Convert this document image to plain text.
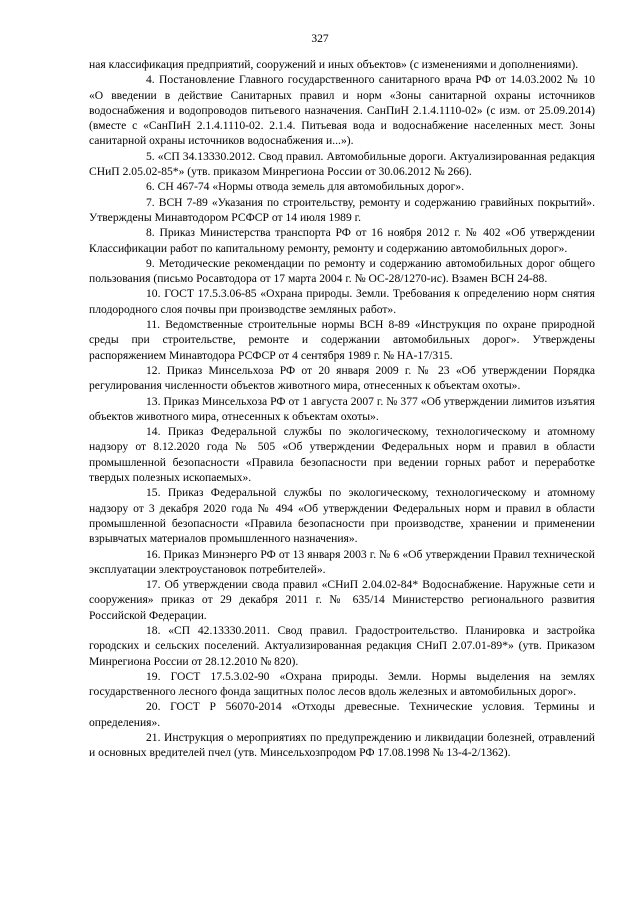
327

ная классификация предприятий, сооружений и иных объектов» (с изменениями и дополнениями).

4. Постановление Главного государственного санитарного врача РФ от 14.03.2002 № 10 «О введении в действие Санитарных правил и норм «Зоны санитарной охраны источников водоснабжения и водопроводов питьевого назначения. СанПиН 2.1.4.1110-02» (с изм. от 25.09.2014) (вместе с «СанПиН 2.1.4.1110-02. 2.1.4. Питьевая вода и водоснабжение населенных мест. Зоны санитарной охраны источников водоснабжения и...»).

5. «СП 34.13330.2012. Свод правил. Автомобильные дороги. Актуализированная редакция СНиП 2.05.02-85*» (утв. приказом Минрегиона России от 30.06.2012 № 266).

6. СН 467-74 «Нормы отвода земель для автомобильных дорог».

7. ВСН 7-89 «Указания по строительству, ремонту и содержанию гравийных покрытий». Утверждены Минавтодором РСФСР от 14 июля 1989 г.

8. Приказ Министерства транспорта РФ от 16 ноября 2012 г. № 402 «Об утверждении Классификации работ по капитальному ремонту, ремонту и содержанию автомобильных дорог».

9. Методические рекомендации по ремонту и содержанию автомобильных дорог общего пользования (письмо Росавтодора от 17 марта 2004 г. № ОС-28/1270-ис). Взамен ВСН 24-88.

10. ГОСТ 17.5.3.06-85 «Охрана природы. Земли. Требования к определению норм снятия плодородного слоя почвы при производстве земляных работ».

11. Ведомственные строительные нормы ВСН 8-89 «Инструкция по охране природной среды при строительстве, ремонте и содержании автомобильных дорог». Утверждены распоряжением Минавтодора РСФСР от 4 сентября 1989 г. № НА-17/315.

12. Приказ Минсельхоза РФ от 20 января 2009 г. № 23 «Об утверждении Порядка регулирования численности объектов животного мира, отнесенных к объектам охоты».

13. Приказ Минсельхоза РФ от 1 августа 2007 г. № 377 «Об утверждении лимитов изъятия объектов животного мира, отнесенных к объектам охоты».

14. Приказ Федеральной службы по экологическому, технологическому и атомному надзору от 8.12.2020 года № 505 «Об утверждении Федеральных норм и правил в области промышленной безопасности «Правила безопасности при ведении горных работ и переработке твердых полезных ископаемых».

15. Приказ Федеральной службы по экологическому, технологическому и атомному надзору от 3 декабря 2020 года № 494 «Об утверждении Федеральных норм и правил в области промышленной безопасности «Правила безопасности при производстве, хранении и применении взрывчатых материалов промышленного назначения».

16. Приказ Минэнерго РФ от 13 января 2003 г. № 6 «Об утверждении Правил технической эксплуатации электроустановок потребителей».

17. Об утверждении свода правил «СНиП 2.04.02-84* Водоснабжение. Наружные сети и сооружения» приказ от 29 декабря 2011 г. № 635/14 Министерство регионального развития Российской Федерации.

18. «СП 42.13330.2011. Свод правил. Градостроительство. Планировка и застройка городских и сельских поселений. Актуализированная редакция СНиП 2.07.01-89*» (утв. Приказом Минрегиона России от 28.12.2010 № 820).

19. ГОСТ 17.5.3.02-90 «Охрана природы. Земли. Нормы выделения на землях государственного лесного фонда защитных полос лесов вдоль железных и автомобильных дорог».

20. ГОСТ Р 56070-2014 «Отходы древесные. Технические условия. Термины и определения».

21. Инструкция о мероприятиях по предупреждению и ликвидации болезней, отравлений и основных вредителей пчел (утв. Минсельхозпродом РФ 17.08.1998 № 13-4-2/1362).
